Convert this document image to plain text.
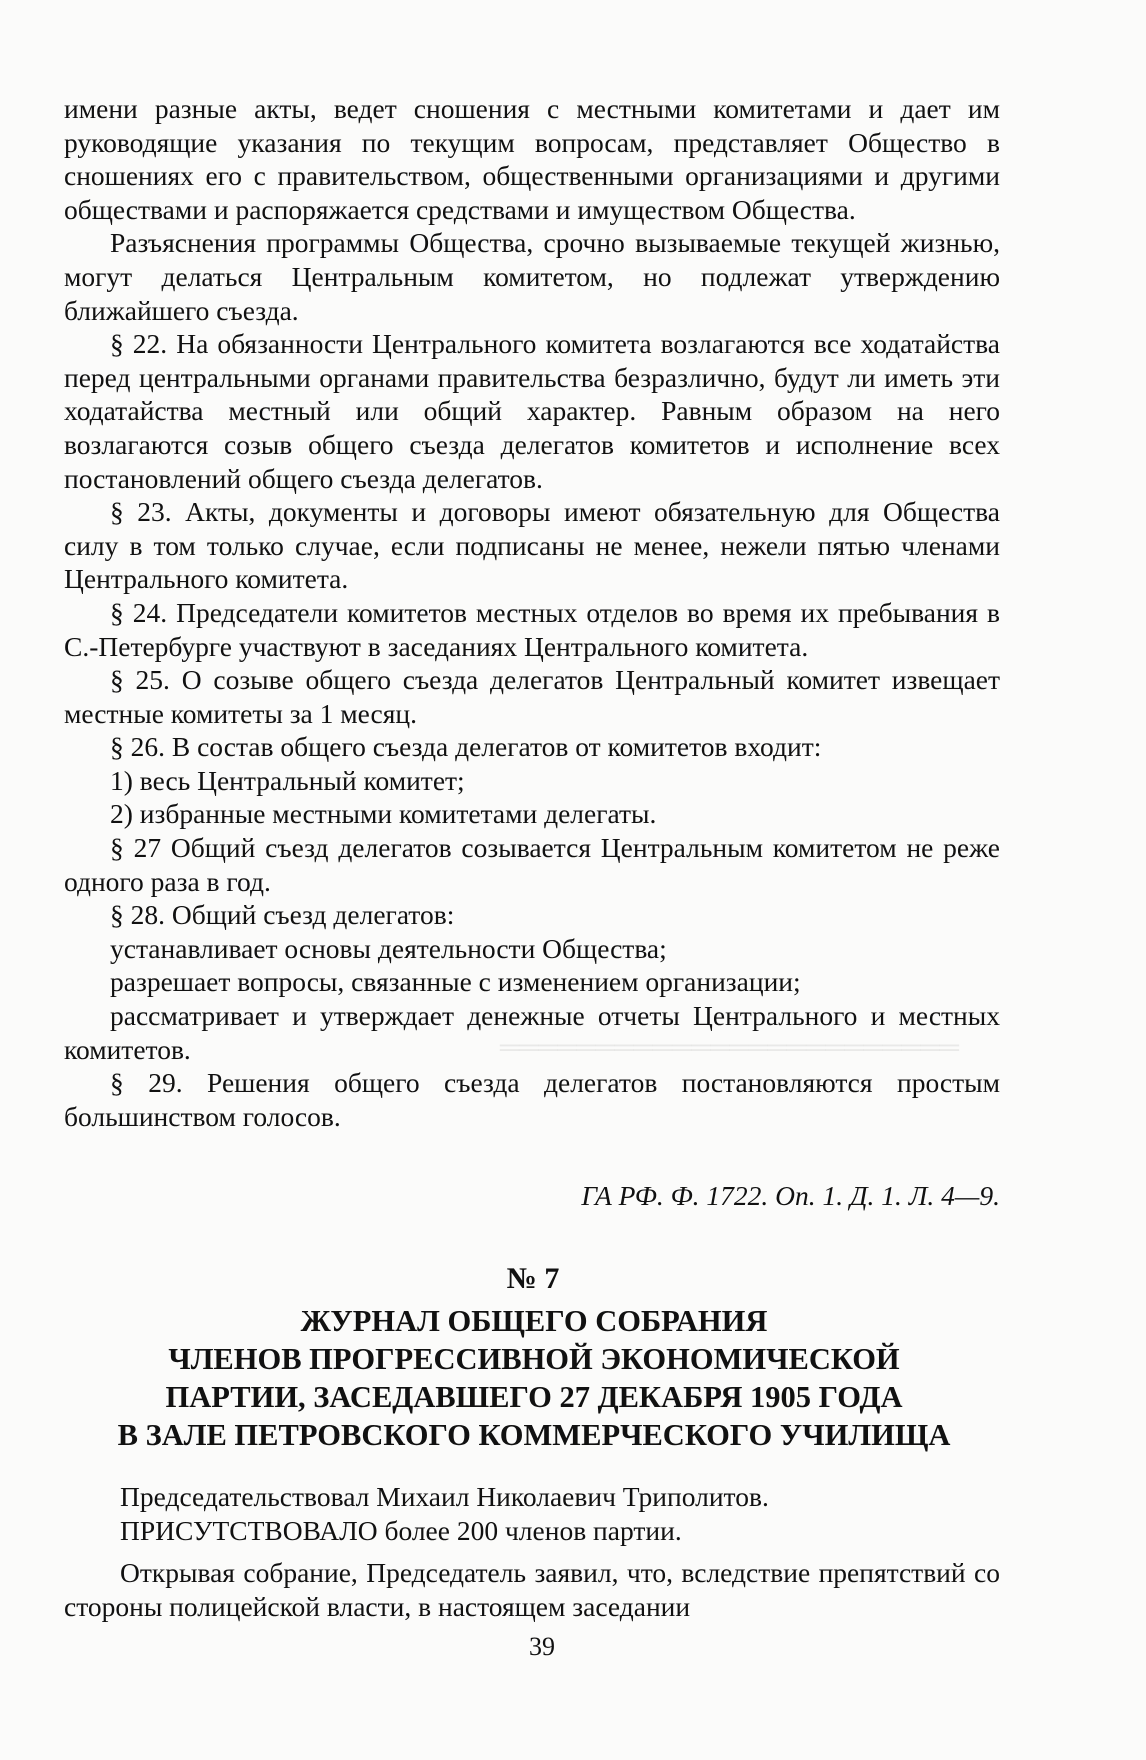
════════════════════════

имени разные акты, ведет сношения с местными комитетами и дает им руководящие указания по текущим вопросам, представляет Общество в сношениях его с правительством, общественными организациями и другими обществами и распоряжается средствами и имуществом Общества.

Разъяснения программы Общества, срочно вызываемые текущей жизнью, могут делаться Центральным комитетом, но подлежат утверждению ближайшего съезда.

§ 22. На обязанности Центрального комитета возлагаются все ходатайства перед центральными органами правительства безразлично, будут ли иметь эти ходатайства местный или общий характер. Равным образом на него возлагаются созыв общего съезда делегатов комитетов и исполнение всех постановлений общего съезда делегатов.

§ 23. Акты, документы и договоры имеют обязательную для Общества силу в том только случае, если подписаны не менее, нежели пятью членами Центрального комитета.

§ 24. Председатели комитетов местных отделов во время их пребывания в С.-Петербурге участвуют в заседаниях Центрального комитета.

§ 25. О созыве общего съезда делегатов Центральный комитет извещает местные комитеты за 1 месяц.

§ 26. В состав общего съезда делегатов от комитетов входит:

1) весь Центральный комитет;

2) избранные местными комитетами делегаты.

§ 27 Общий съезд делегатов созывается Центральным комитетом не реже одного раза в год.

§ 28. Общий съезд делегатов:

устанавливает основы деятельности Общества;

разрешает вопросы, связанные с изменением организации;

рассматривает и утверждает денежные отчеты Центрального и местных комитетов.

§ 29. Решения общего съезда делегатов постановляются простым большинством голосов.

ГА РФ. Ф. 1722. Оп. 1. Д. 1. Л. 4—9.
№ 7
ЖУРНАЛ ОБЩЕГО СОБРАНИЯ
ЧЛЕНОВ ПРОГРЕССИВНОЙ ЭКОНОМИЧЕСКОЙ
ПАРТИИ, ЗАСЕДАВШЕГО 27 ДЕКАБРЯ 1905 ГОДА
В ЗАЛЕ ПЕТРОВСКОГО КОММЕРЧЕСКОГО УЧИЛИЩА

Председательствовал Михаил Николаевич Триполитов.

ПРИСУТСТВОВАЛО более 200 членов партии.

Открывая собрание, Председатель заявил, что, вследствие препятствий со стороны полицейской власти, в настоящем заседании

39
